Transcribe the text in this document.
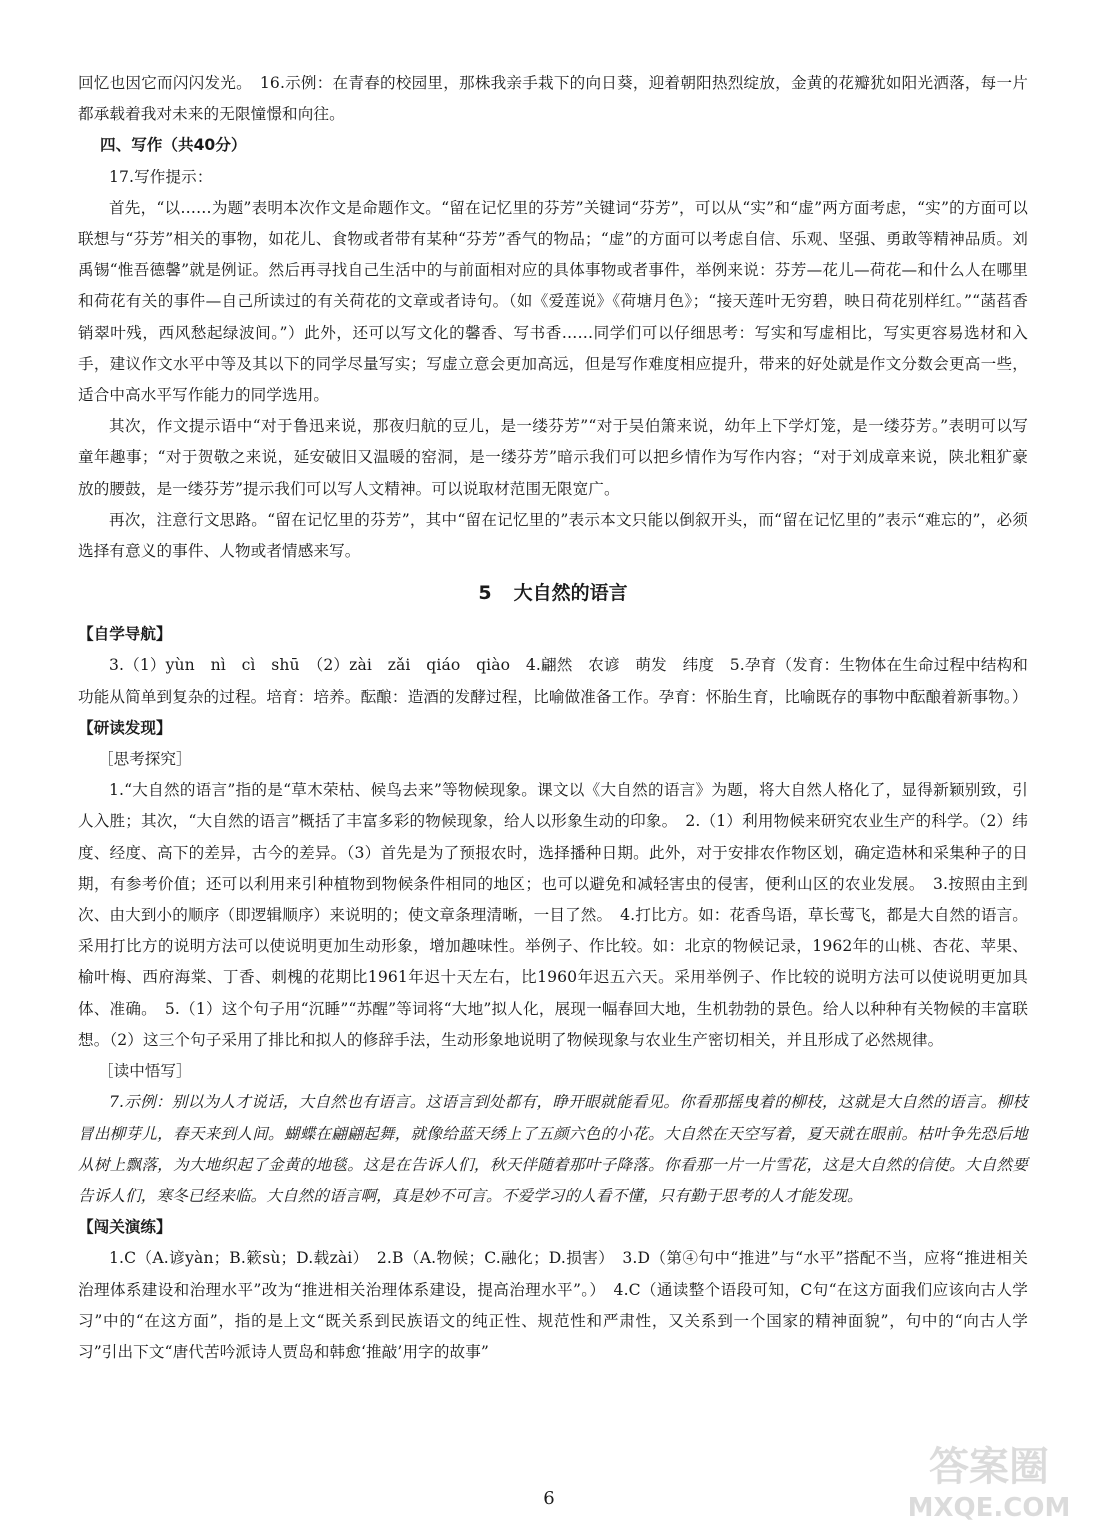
回忆也因它而闪闪发光。　16.示例：在青春的校园里，那株我亲手栽下的向日葵，迎着朝阳热烈绽放，金黄的花瓣犹如阳光洒落，每一片都承载着我对未来的无限憧憬和向往。

四、写作（共40分）

17.写作提示：

首先，“以……为题”表明本次作文是命题作文。“留在记忆里的芬芳”关键词“芬芳”，可以从“实”和“虚”两方面考虑，“实”的方面可以联想与“芬芳”相关的事物，如花儿、食物或者带有某种“芬芳”香气的物品；“虚”的方面可以考虑自信、乐观、坚强、勇敢等精神品质。刘禹锡“惟吾德馨”就是例证。然后再寻找自己生活中的与前面相对应的具体事物或者事件，举例来说：芬芳—花儿—荷花—和什么人在哪里和荷花有关的事件—自己所读过的有关荷花的文章或者诗句。（如《爱莲说》《荷塘月色》；“接天莲叶无穷碧，映日荷花别样红。”“菡萏香销翠叶残，西风愁起绿波间。”）此外，还可以写文化的馨香、写书香……同学们可以仔细思考：写实和写虚相比，写实更容易选材和入手，建议作文水平中等及其以下的同学尽量写实；写虚立意会更加高远，但是写作难度相应提升，带来的好处就是作文分数会更高一些，适合中高水平写作能力的同学选用。

其次，作文提示语中“对于鲁迅来说，那夜归航的豆儿，是一缕芬芳”“对于吴伯箫来说，幼年上下学灯笼，是一缕芬芳。”表明可以写童年趣事；“对于贺敬之来说，延安破旧又温暖的窑洞，是一缕芬芳”暗示我们可以把乡情作为写作内容；“对于刘成章来说，陕北粗犷豪放的腰鼓，是一缕芬芳”提示我们可以写人文精神。可以说取材范围无限宽广。

再次，注意行文思路。“留在记忆里的芬芳”，其中“留在记忆里的”表示本文只能以倒叙开头，而“留在记忆里的”表示“难忘的”，必须选择有意义的事件、人物或者情感来写。

5 大自然的语言

【自学导航】

3.（1）yùn　nì　cì　shū　（2）zài　zǎi　qiáo　qiào　4.翩然　农谚　萌发　纬度　5.孕育（发育：生物体在生命过程中结构和功能从简单到复杂的过程。培育：培养。酝酿：造酒的发酵过程，比喻做准备工作。孕育：怀胎生育，比喻既存的事物中酝酿着新事物。）

【研读发现】

［思考探究］

1.“大自然的语言”指的是“草木荣枯、候鸟去来”等物候现象。课文以《大自然的语言》为题，将大自然人格化了，显得新颖别致，引人入胜；其次，“大自然的语言”概括了丰富多彩的物候现象，给人以形象生动的印象。　2.（1）利用物候来研究农业生产的科学。（2）纬度、经度、高下的差异，古今的差异。（3）首先是为了预报农时，选择播种日期。此外，对于安排农作物区划，确定造林和采集种子的日期，有参考价值；还可以利用来引种植物到物候条件相同的地区；也可以避免和减轻害虫的侵害，便利山区的农业发展。　3.按照由主到次、由大到小的顺序（即逻辑顺序）来说明的；使文章条理清晰，一目了然。　4.打比方。如：花香鸟语，草长莺飞，都是大自然的语言。采用打比方的说明方法可以使说明更加生动形象，增加趣味性。举例子、作比较。如：北京的物候记录，1962年的山桃、杏花、苹果、榆叶梅、西府海棠、丁香、刺槐的花期比1961年迟十天左右，比1960年迟五六天。采用举例子、作比较的说明方法可以使说明更加具体、准确。　5.（1）这个句子用“沉睡”“苏醒”等词将“大地”拟人化，展现一幅春回大地，生机勃勃的景色。给人以种种有关物候的丰富联想。（2）这三个句子采用了排比和拟人的修辞手法，生动形象地说明了物候现象与农业生产密切相关，并且形成了必然规律。

［读中悟写］

7.示例：别以为人才说话，大自然也有语言。这语言到处都有，睁开眼就能看见。你看那摇曳着的柳枝，这就是大自然的语言。柳枝冒出柳芽儿，春天来到人间。蝴蝶在翩翩起舞，就像给蓝天绣上了五颜六色的小花。大自然在天空写着，夏天就在眼前。枯叶争先恐后地从树上飘落，为大地织起了金黄的地毯。这是在告诉人们，秋天伴随着那叶子降落。你看那一片一片雪花，这是大自然的信使。大自然要告诉人们，寒冬已经来临。大自然的语言啊，真是妙不可言。不爱学习的人看不懂，只有勤于思考的人才能发现。

【闯关演练】

1.C（A.谚yàn；B.簌sù；D.载zài）　2.B（A.物候；C.融化；D.损害）　3.D（第④句中“推进”与“水平”搭配不当，应将“推进相关治理体系建设和治理水平”改为“推进相关治理体系建设，提高治理水平”。）　4.C（通读整个语段可知，C句“在这方面我们应该向古人学习”中的“在这方面”，指的是上文“既关系到民族语文的纯正性、规范性和严肃性，又关系到一个国家的精神面貌”，句中的“向古人学习”引出下文“唐代苦吟派诗人贾岛和韩愈‘推敲’用字的故事”

6
答案圈
MXQE.COM
